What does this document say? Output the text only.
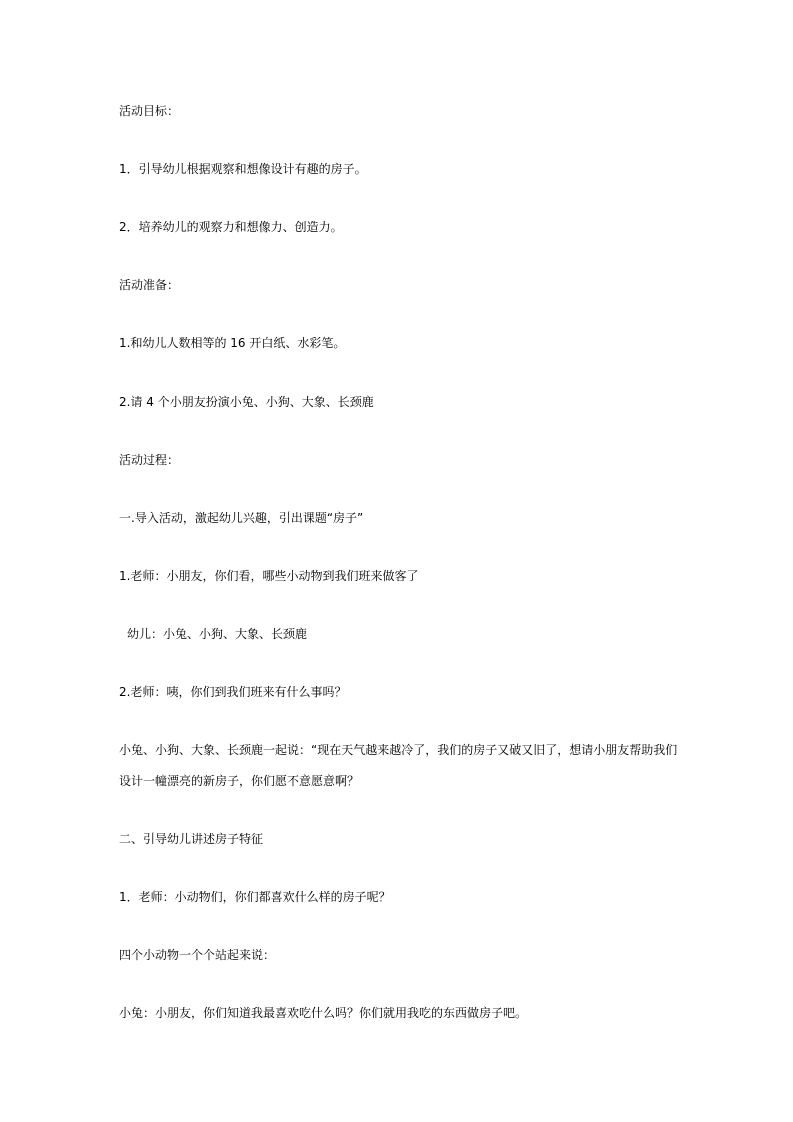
活动目标：

1．引导幼儿根据观察和想像设计有趣的房子。

2．培养幼儿的观察力和想像力、创造力。

活动准备：

1.和幼儿人数相等的 16 开白纸、水彩笔。

2.请 4 个小朋友扮演小兔、小狗、大象、长颈鹿

活动过程：

一.导入活动，激起幼儿兴趣，引出课题“房子”

1.老师：小朋友，你们看，哪些小动物到我们班来做客了

幼儿：小兔、小狗、大象、长颈鹿

2.老师：咦，你们到我们班来有什么事吗？

小兔、小狗、大象、长颈鹿一起说：“现在天气越来越冷了，我们的房子又破又旧了，想请小朋友帮助我们

设计一幢漂亮的新房子，你们愿不意愿意啊？

二、引导幼儿讲述房子特征

1．老师：小动物们，你们都喜欢什么样的房子呢？

四个小动物一个个站起来说：

小兔：小朋友，你们知道我最喜欢吃什么吗？你们就用我吃的东西做房子吧。
